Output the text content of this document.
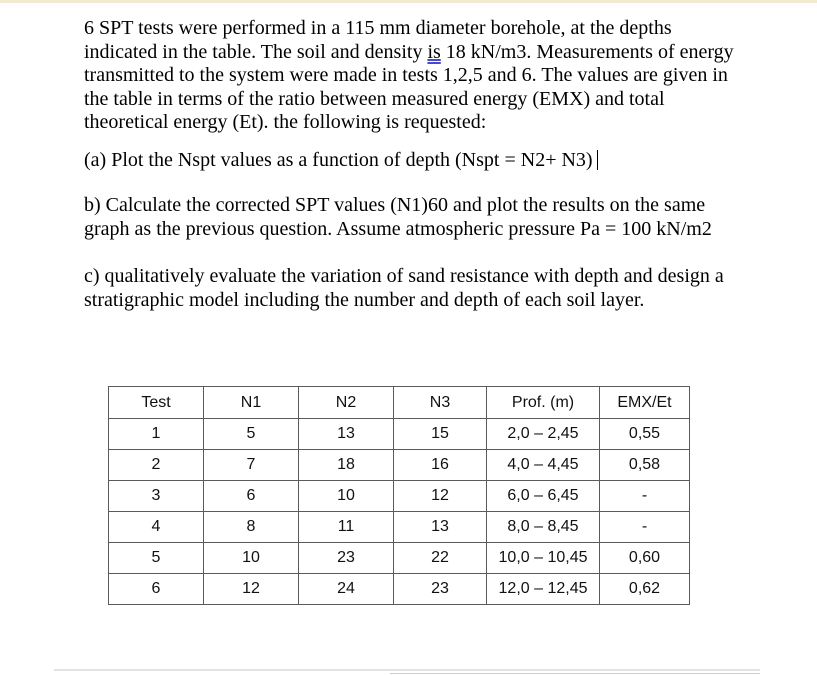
6 SPT tests were performed in a 115 mm diameter borehole, at the depths
indicated in the table. The soil and density is 18 kN/m3. Measurements of energy
transmitted to the system were made in tests 1,2,5 and 6. The values are given in
the table in terms of the ratio between measured energy (EMX) and total
theoretical energy (Et). the following is requested:

(a) Plot the Nspt values as a function of depth (Nspt = N2+ N3)

b) Calculate the corrected SPT values (N1)60 and plot the results on the same
graph as the previous question. Assume atmospheric pressure Pa = 100 kN/m2

c) qualitatively evaluate the variation of sand resistance with depth and design a
stratigraphic model including the number and depth of each soil layer.

Test	N1	N2	N3	Prof. (m)	EMX/Et
1	5	13	15	2,0 – 2,45	0,55
2	7	18	16	4,0 – 4,45	0,58
3	6	10	12	6,0 – 6,45	-
4	8	11	13	8,0 – 8,45	-
5	10	23	22	10,0 – 10,45	0,60
6	12	24	23	12,0 – 12,45	0,62
